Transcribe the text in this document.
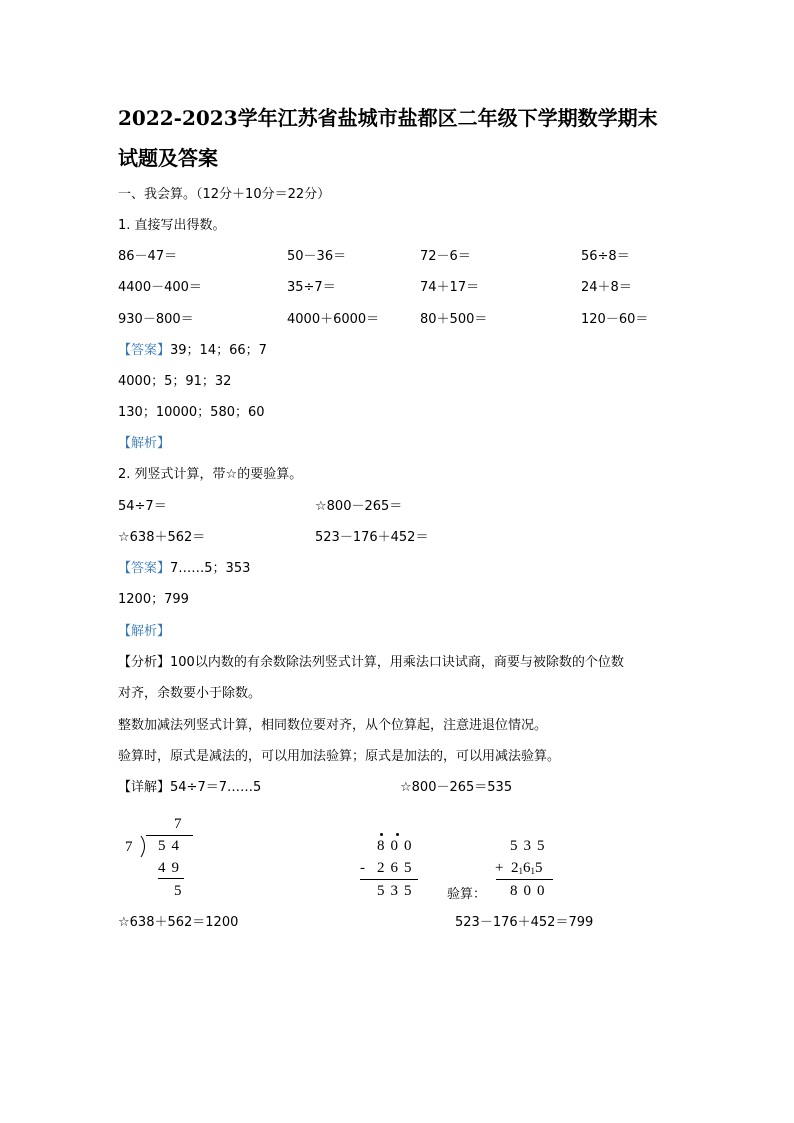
2022-2023学年江苏省盐城市盐都区二年级下学期数学期末
试题及答案
一、我会算。（12分＋10分＝22分）
1. 直接写出得数。
86－47＝	50－36＝	72－6＝	56÷8＝
4400－400＝	35÷7＝	74＋17＝	24＋8＝
930－800＝	4000＋6000＝	80＋500＝	120－60＝
【答案】39；14；66；7
4000；5；91；32
130；10000；580；60
【解析】
2. 列竖式计算，带☆的要验算。
54÷7＝	☆800－265＝
☆638＋562＝	523－176＋452＝
【答案】7……5；353
1200；799
【解析】
【分析】100以内数的有余数除法列竖式计算，用乘法口诀试商，商要与被除数的个位数
对齐，余数要小于除数。
整数加减法列竖式计算，相同数位要对齐，从个位算起，注意进退位情况。
验算时，原式是减法的，可以用加法验算；原式是加法的，可以用减法验算。
【详解】54÷7＝7……5	☆800－265＝535
7
7 54
49
5
800
- 265
535 验算：
535
+ $2_16_15$
800
☆638＋562＝1200	523－176＋452＝799
